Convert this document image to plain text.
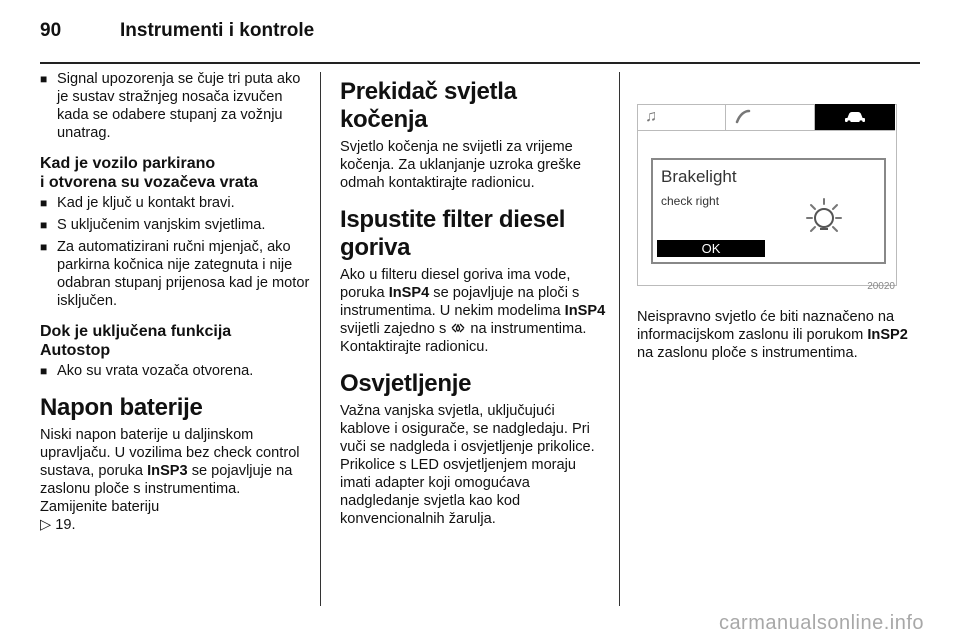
90	Instrumenti i kontrole
■ Signal upozorenja se čuje tri puta ako je sustav stražnjeg nosača izvučen kada se odabere stupanj za vožnju unatrag.
Kad je vozilo parkirano
i otvorena su vozačeva vrata
■ Kad je ključ u kontakt bravi.
■ S uključenim vanjskim svjetlima.
■ Za automatizirani ručni mjenjač, ako parkirna kočnica nije zategnuta i nije odabran stupanj prijenosa kad je motor isključen.
Dok je uključena funkcija
Autostop
■ Ako su vrata vozača otvorena.
Napon baterije

Niski napon baterije u daljinskom upravljaču. U vozilima bez check control sustava, poruka InSP3 se pojavljuje na zaslonu ploče s instrumentima. Zamijenite bateriju
▷ 19.

Prekidač svjetla kočenja

Svjetlo kočenja ne svijetli za vrijeme kočenja. Za uklanjanje uzroka greške odmah kontaktirajte radionicu.

Ispustite filter diesel goriva

Ako u filteru diesel goriva ima vode, poruka InSP4 se pojavljuje na ploči s instrumentima. U nekim modelima InSP4 svijetli zajedno s  na instrumentima. Kontaktirajte radionicu.

Osvjetljenje

Važna vanjska svjetla, uključujući kablove i osigurače, se nadgledaju. Pri vuči se nadgleda i osvjetljenje prikolice. Prikolice s LED osvjetljenjem moraju imati adapter koji omogućava nadgledanje svjetla kao kod konvencionalnih žarulja.

♫
Brakelight
check right
OK
20020

Neispravno svjetlo će biti naznačeno na informacijskom zaslonu ili porukom InSP2 na zaslonu ploče s instrumentima.

carmanualsonline.info
